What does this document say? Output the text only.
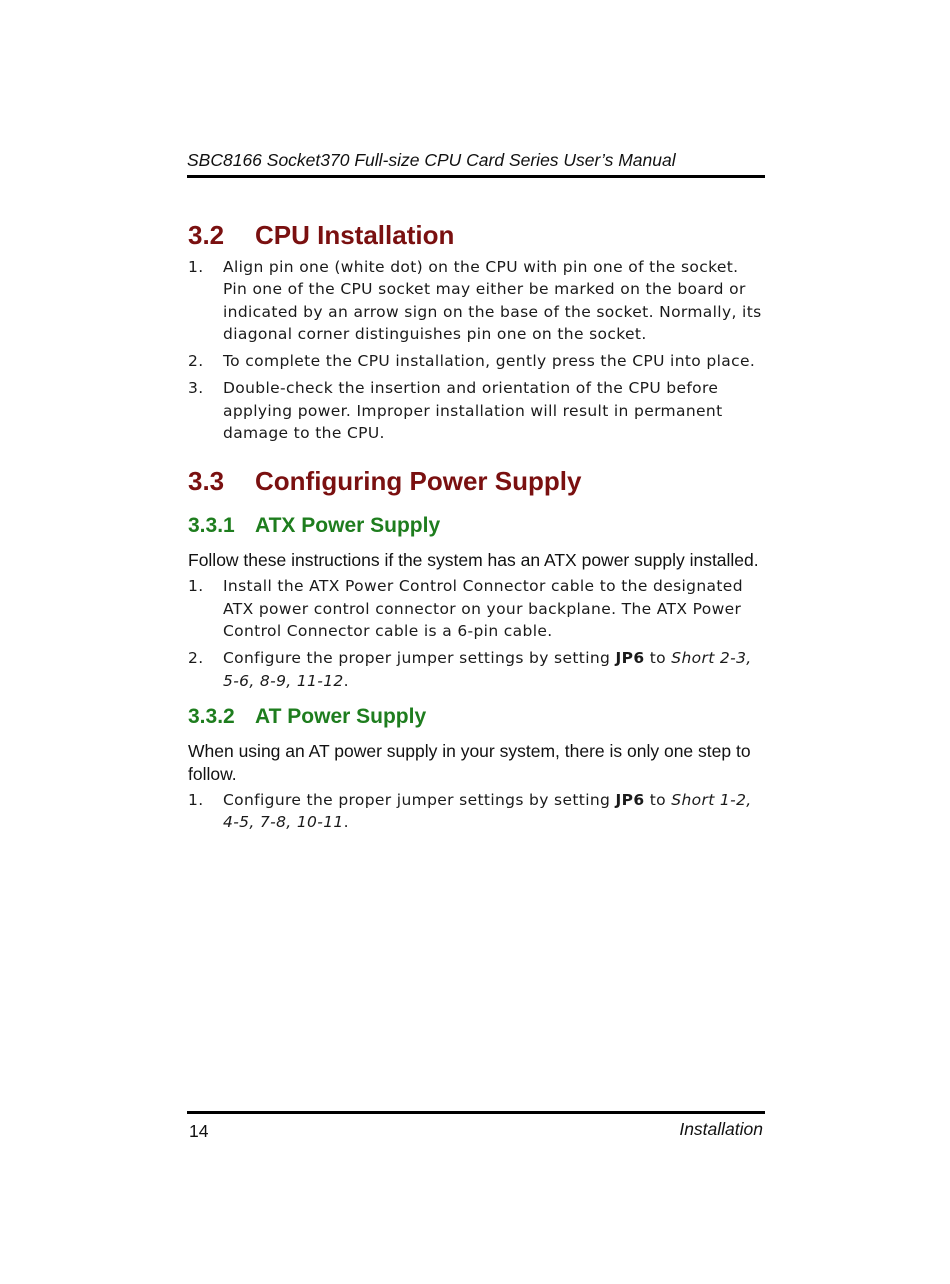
SBC8166 Socket370 Full-size CPU Card Series User’s Manual
3.2 CPU Installation
1. Align pin one (white dot) on the CPU with pin one of the socket. Pin one of the CPU socket may either be marked on the board or indicated by an arrow sign on the base of the socket. Normally, its diagonal corner distinguishes pin one on the socket.
2. To complete the CPU installation, gently press the CPU into place.
3. Double-check the insertion and orientation of the CPU before applying power. Improper installation will result in permanent damage to the CPU.
3.3 Configuring Power Supply
3.3.1 ATX Power Supply

Follow these instructions if the system has an ATX power supply installed.

1. Install the ATX Power Control Connector cable to the designated ATX power control connector on your backplane. The ATX Power Control Connector cable is a 6-pin cable.
2. Configure the proper jumper settings by setting JP6 to Short 2-3, 5-6, 8-9, 11-12.
3.3.2 AT Power Supply

When using an AT power supply in your system, there is only one step to follow.

1. Configure the proper jumper settings by setting JP6 to Short 1-2, 4-5, 7-8, 10-11.
14	Installation
